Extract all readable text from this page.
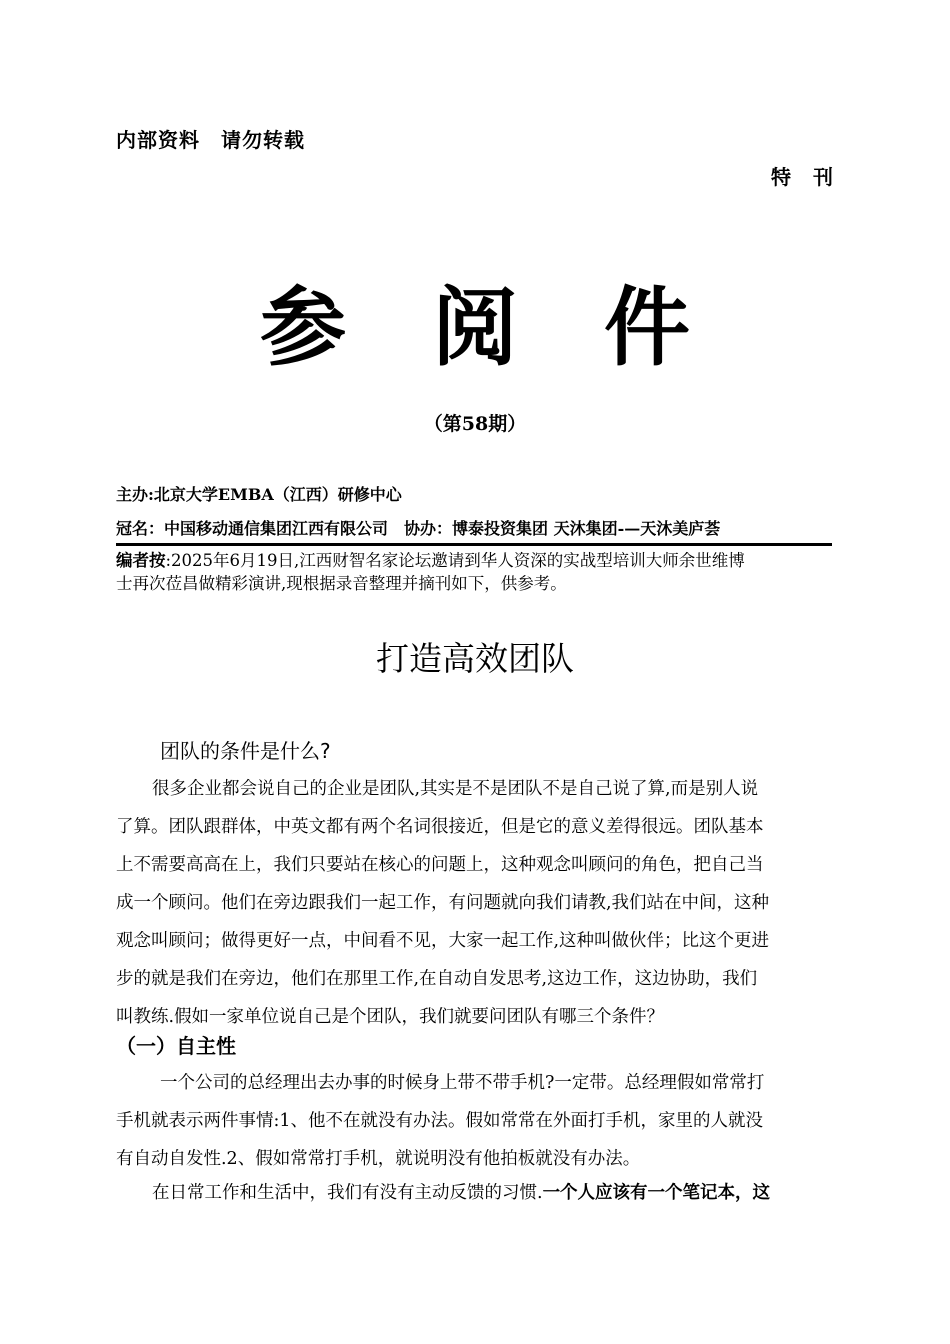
内部资料　请勿转载
特　刊
参　阅　件
（第58期）
主办:北京大学EMBA（江西）研修中心
冠名：中国移动通信集团江西有限公司　协办：博泰投资集团 天沐集团-—天沐美庐荟
编者按:2025年6月19日,江西财智名家论坛邀请到华人资深的实战型培训大师余世维博
士再次莅昌做精彩演讲,现根据录音整理并摘刊如下，供参考。
打造高效团队
团队的条件是什么?
很多企业都会说自己的企业是团队,其实是不是团队不是自己说了算,而是别人说
了算。团队跟群体，中英文都有两个名词很接近，但是它的意义差得很远。团队基本
上不需要高高在上，我们只要站在核心的问题上，这种观念叫顾问的角色，把自己当
成一个顾问。他们在旁边跟我们一起工作，有问题就向我们请教,我们站在中间，这种
观念叫顾问；做得更好一点，中间看不见，大家一起工作,这种叫做伙伴；比这个更进
步的就是我们在旁边，他们在那里工作,在自动自发思考,这边工作，这边协助，我们
叫教练.假如一家单位说自己是个团队，我们就要问团队有哪三个条件？
（一）自主性
一个公司的总经理出去办事的时候身上带不带手机?一定带。总经理假如常常打
手机就表示两件事情:1、他不在就没有办法。假如常常在外面打手机，家里的人就没
有自动自发性.2、假如常常打手机，就说明没有他拍板就没有办法。
在日常工作和生活中，我们有没有主动反馈的习惯.一个人应该有一个笔记本，这
